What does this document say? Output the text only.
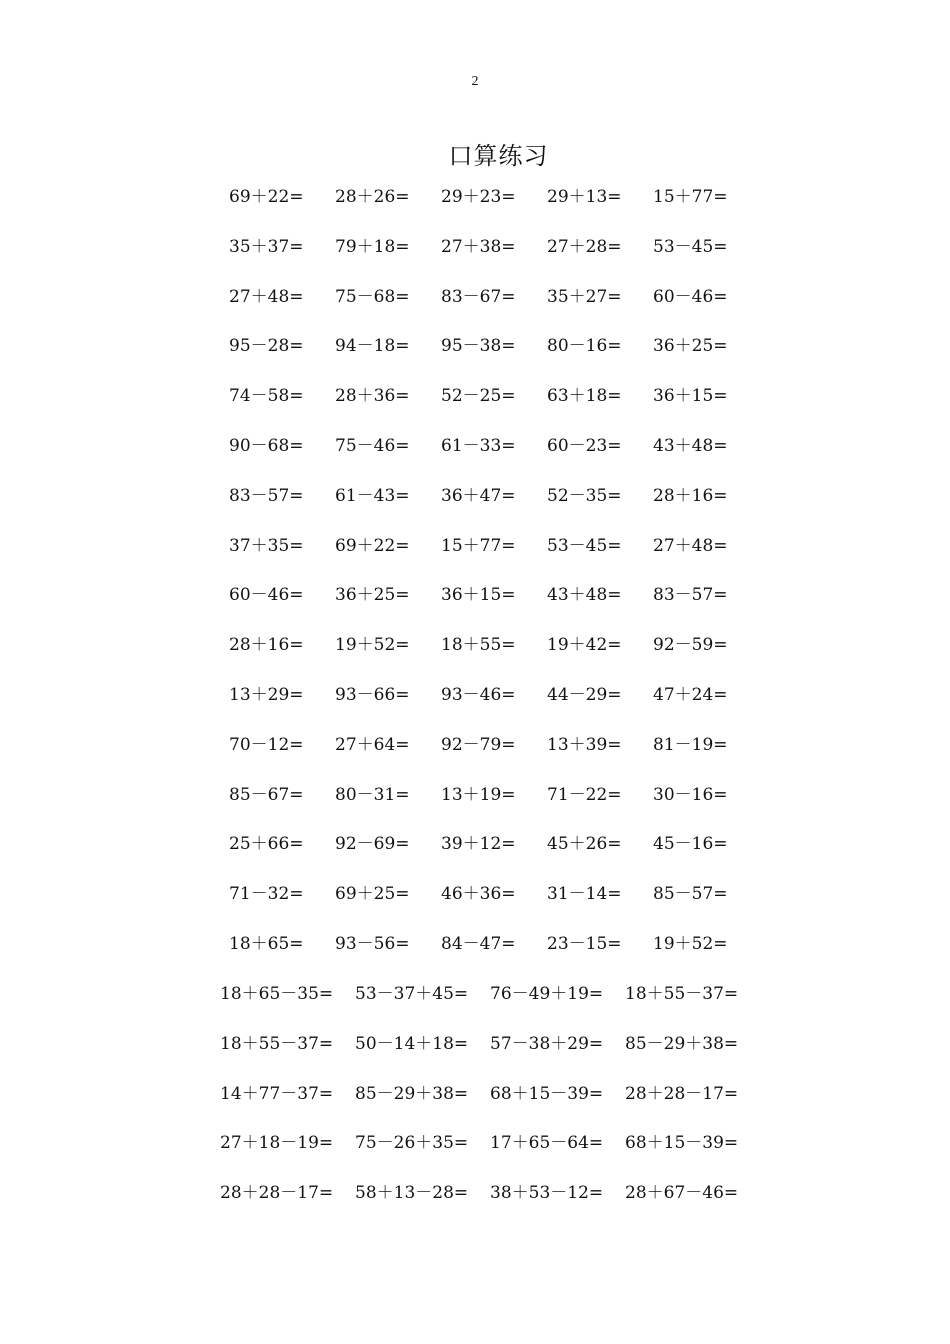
2
口算练习
69＋22=	28＋26=	29＋23=	29＋13=	15＋77=
35＋37=	79＋18=	27＋38=	27＋28=	53－45=
27＋48=	75－68=	83－67=	35＋27=	60－46=
95－28=	94－18=	95－38=	80－16=	36＋25=
74－58=	28＋36=	52－25=	63＋18=	36＋15=
90－68=	75－46=	61－33=	60－23=	43＋48=
83－57=	61－43=	36＋47=	52－35=	28＋16=
37＋35=	69＋22=	15＋77=	53－45=	27＋48=
60－46=	36＋25=	36＋15=	43＋48=	83－57=
28＋16=	19＋52=	18＋55=	19＋42=	92－59=
13＋29=	93－66=	93－46=	44－29=	47＋24=
70－12=	27＋64=	92－79=	13＋39=	81－19=
85－67=	80－31=	13＋19=	71－22=	30－16=
25＋66=	92－69=	39＋12=	45＋26=	45－16=
71－32=	69＋25=	46＋36=	31－14=	85－57=
18＋65=	93－56=	84－47=	23－15=	19＋52=
18＋65－35=	53－37＋45=	76－49＋19=	18＋55－37=
18＋55－37=	50－14＋18=	57－38＋29=	85－29＋38=
14＋77－37=	85－29＋38=	68＋15－39=	28＋28－17=
27＋18－19=	75－26＋35=	17＋65－64=	68＋15－39=
28＋28－17=	58＋13－28=	38＋53－12=	28＋67－46=
